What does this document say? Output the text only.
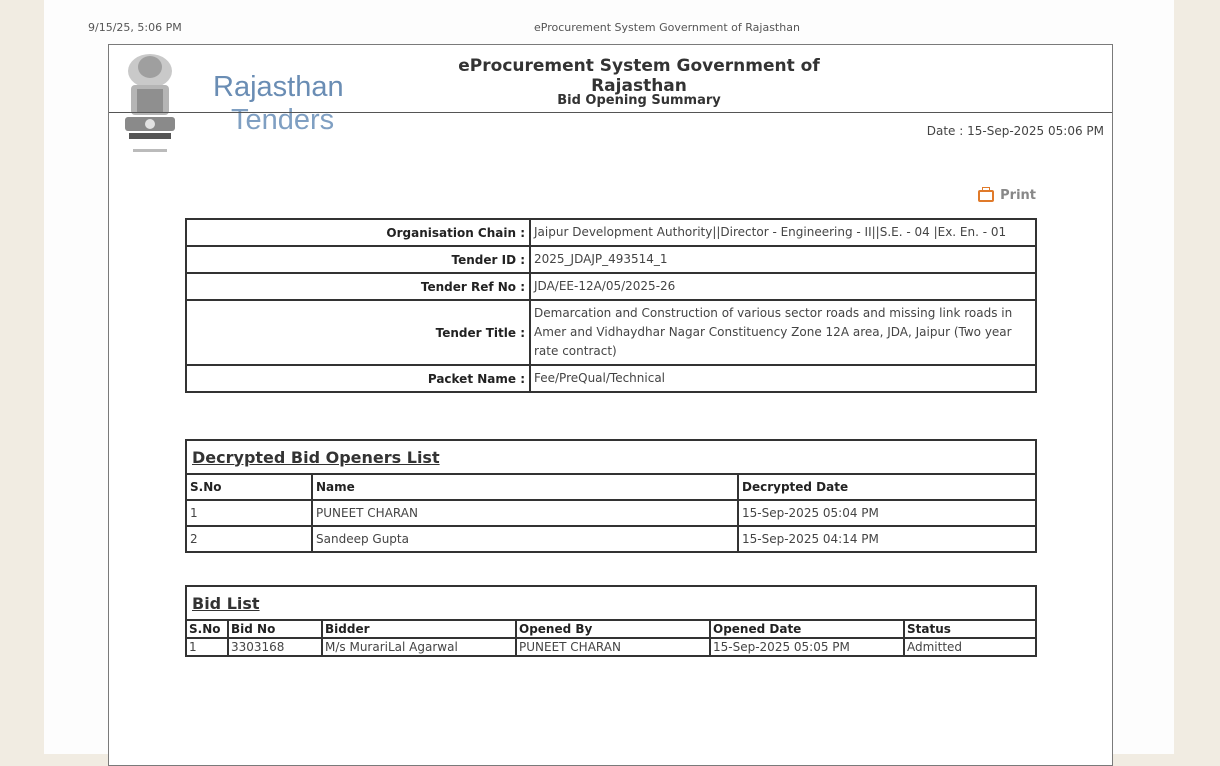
9/15/25, 5:06 PM	eProcurement System Government of Rajasthan
Rajasthan
Tenders
eProcurement System Government of Rajasthan
Bid Opening Summary
Date : 15-Sep-2025 05:06 PM
Print
Organisation Chain :	Jaipur Development Authority||Director - Engineering - II||S.E. - 04 |Ex. En. - 01
Tender ID :	2025_JDAJP_493514_1
Tender Ref No :	JDA/EE-12A/05/2025-26
Tender Title :	Demarcation and Construction of various sector roads and missing link roads in Amer and Vidhaydhar Nagar Constituency Zone 12A area, JDA, Jaipur (Two year rate contract)
Packet Name :	Fee/PreQual/Technical
Decrypted Bid Openers List		
S.No	Name	Decrypted Date
1	PUNEET CHARAN	15-Sep-2025 05:04 PM
2	Sandeep Gupta	15-Sep-2025 04:14 PM
Bid List					
S.No	Bid No	Bidder	Opened By	Opened Date	Status
1	3303168	M/s MurariLal Agarwal	PUNEET CHARAN	15-Sep-2025 05:05 PM	Admitted
